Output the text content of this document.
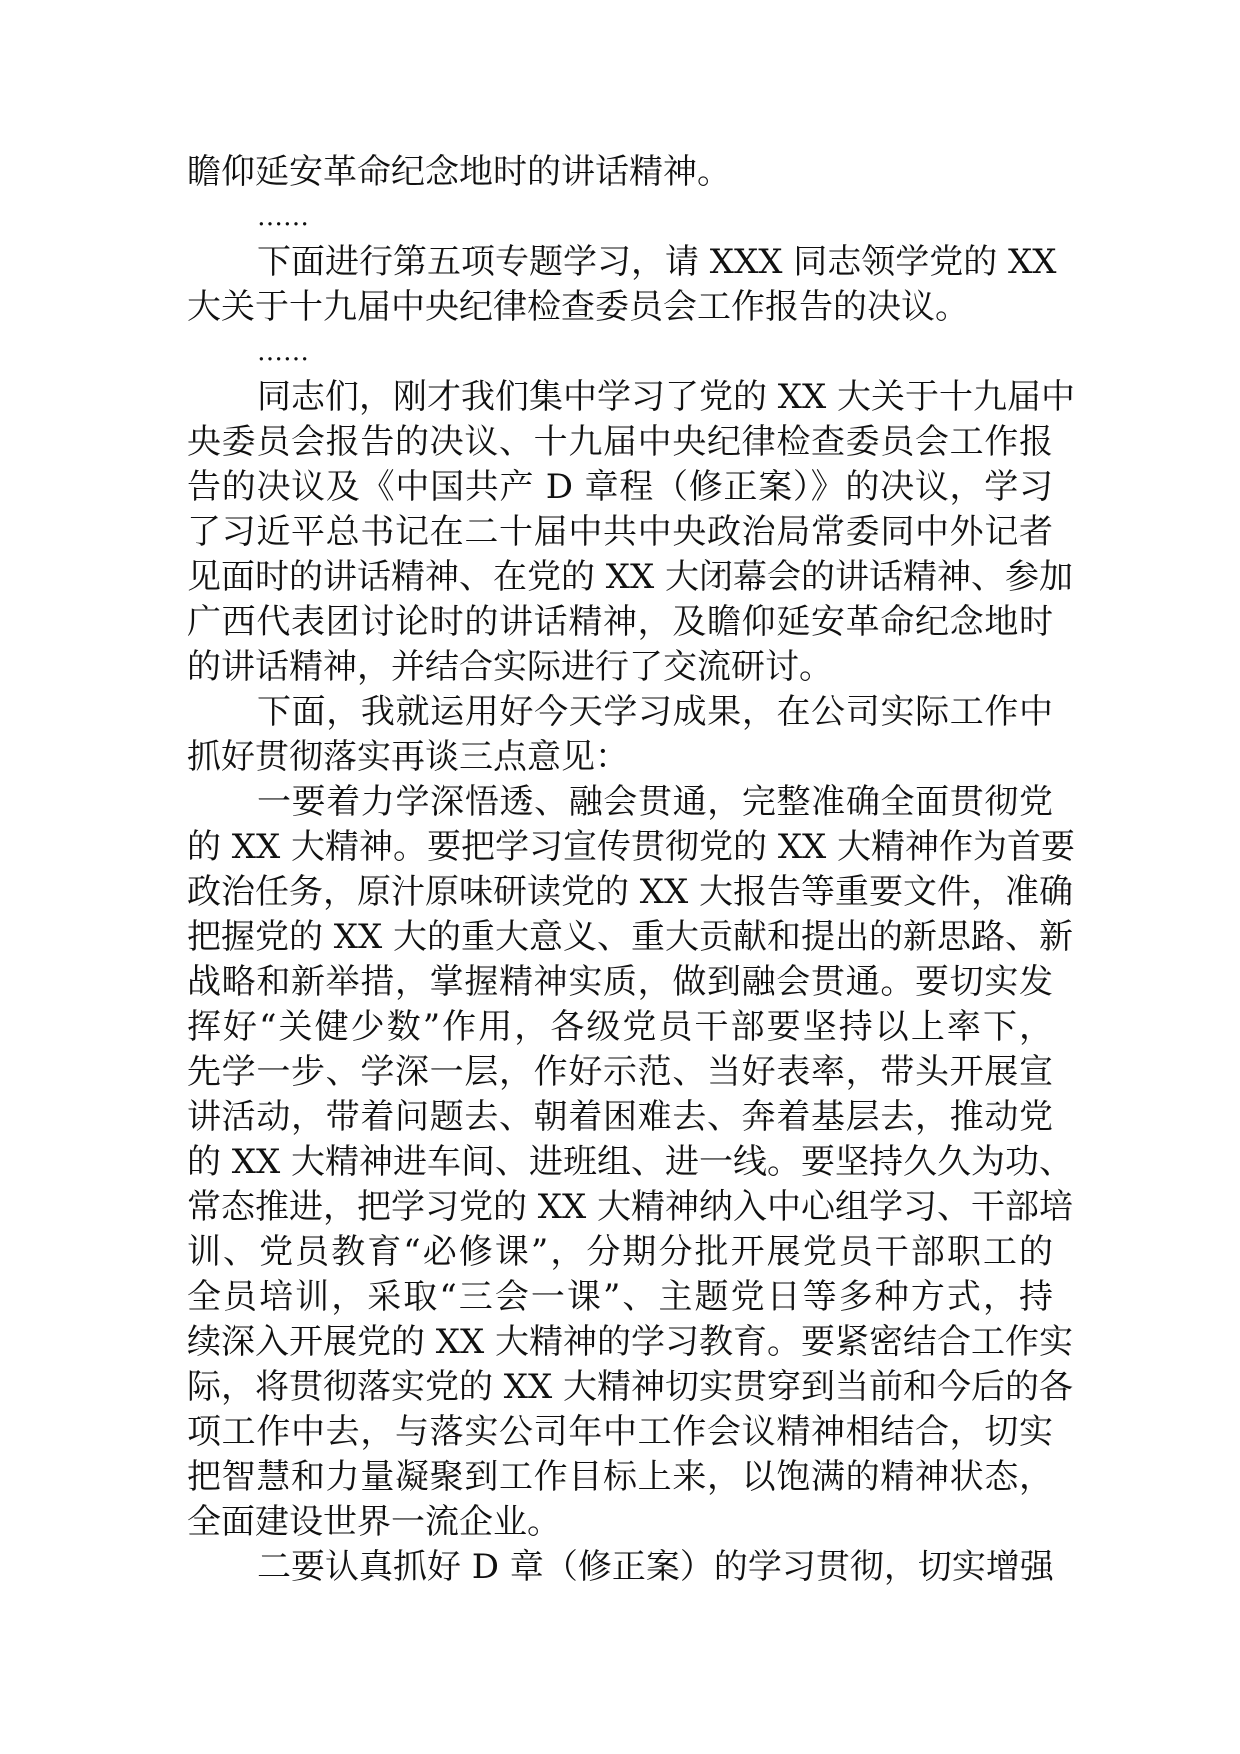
瞻仰延安革命纪念地时的讲话精神。
……
下面进行第五项专题学习，请 XXX 同志领学党的 XX
大关于十九届中央纪律检查委员会工作报告的决议。
……
同志们，刚才我们集中学习了党的 XX 大关于十九届中
央委员会报告的决议、十九届中央纪律检查委员会工作报
告的决议及《中国共产 D 章程（修正案）》的决议，学习
了习近平总书记在二十届中共中央政治局常委同中外记者
见面时的讲话精神、在党的 XX 大闭幕会的讲话精神、参加
广西代表团讨论时的讲话精神，及瞻仰延安革命纪念地时
的讲话精神，并结合实际进行了交流研讨。
下面，我就运用好今天学习成果，在公司实际工作中
抓好贯彻落实再谈三点意见：
一要着力学深悟透、融会贯通，完整准确全面贯彻党
的 XX 大精神。要把学习宣传贯彻党的 XX 大精神作为首要
政治任务，原汁原味研读党的 XX 大报告等重要文件，准确
把握党的 XX 大的重大意义、重大贡献和提出的新思路、新
战略和新举措，掌握精神实质，做到融会贯通。要切实发
挥好“关健少数”作用，各级党员干部要坚持以上率下，
先学一步、学深一层，作好示范、当好表率，带头开展宣
讲活动，带着问题去、朝着困难去、奔着基层去，推动党
的 XX 大精神进车间、进班组、进一线。要坚持久久为功、
常态推进，把学习党的 XX 大精神纳入中心组学习、干部培
训、党员教育“必修课”，分期分批开展党员干部职工的
全员培训，采取“三会一课”、主题党日等多种方式，持
续深入开展党的 XX 大精神的学习教育。要紧密结合工作实
际，将贯彻落实党的 XX 大精神切实贯穿到当前和今后的各
项工作中去，与落实公司年中工作会议精神相结合，切实
把智慧和力量凝聚到工作目标上来，以饱满的精神状态，
全面建设世界一流企业。
二要认真抓好 D 章（修正案）的学习贯彻，切实增强
